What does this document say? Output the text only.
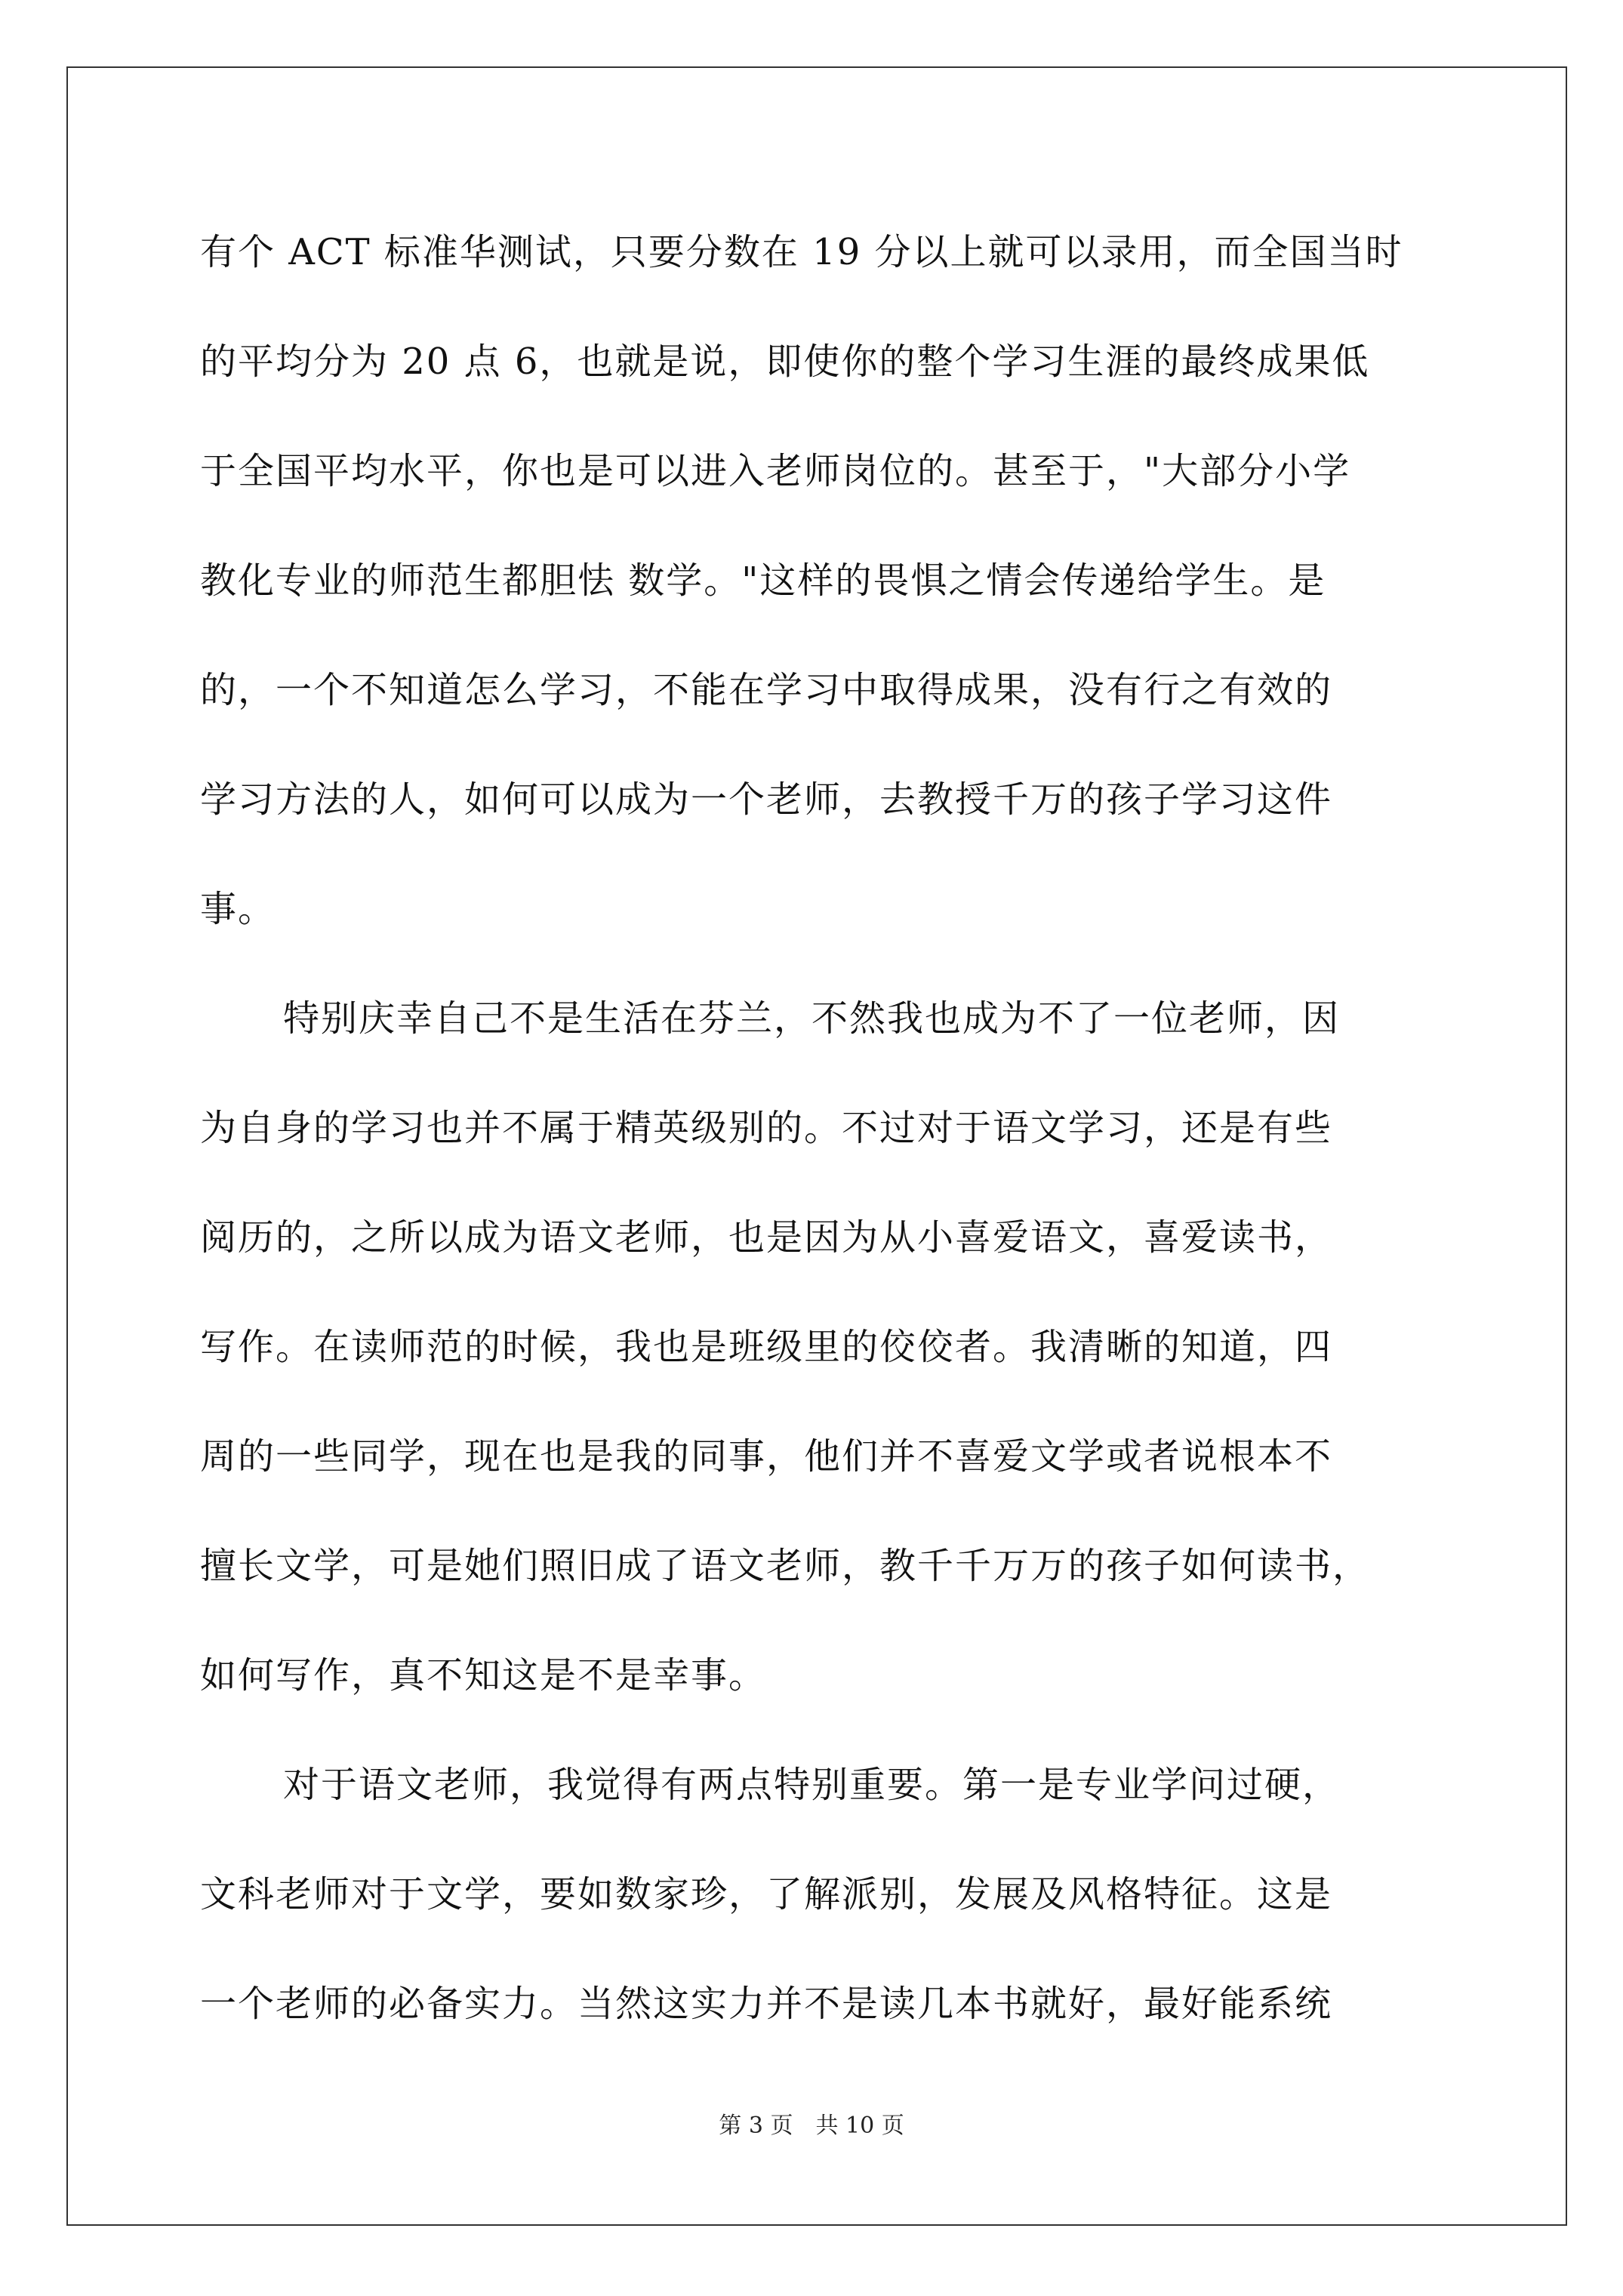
有个 ACT 标准华测试，只要分数在 19 分以上就可以录用，而全国当时
的平均分为 20 点 6，也就是说，即使你的整个学习生涯的最终成果低
于全国平均水平，你也是可以进入老师岗位的。甚至于，"大部分小学
教化专业的师范生都胆怯 数学。"这样的畏惧之情会传递给学生。是
的，一个不知道怎么学习，不能在学习中取得成果，没有行之有效的
学习方法的人，如何可以成为一个老师，去教授千万的孩子学习这件
事。
特别庆幸自己不是生活在芬兰，不然我也成为不了一位老师，因
为自身的学习也并不属于精英级别的。不过对于语文学习，还是有些
阅历的，之所以成为语文老师，也是因为从小喜爱语文，喜爱读书，
写作。在读师范的时候，我也是班级里的佼佼者。我清晰的知道，四
周的一些同学，现在也是我的同事，他们并不喜爱文学或者说根本不
擅长文学，可是她们照旧成了语文老师，教千千万万的孩子如何读书，
如何写作，真不知这是不是幸事。
对于语文老师，我觉得有两点特别重要。第一是专业学问过硬，
文科老师对于文学，要如数家珍，了解派别，发展及风格特征。这是
一个老师的必备实力。当然这实力并不是读几本书就好，最好能系统
第 3 页 共 10 页
